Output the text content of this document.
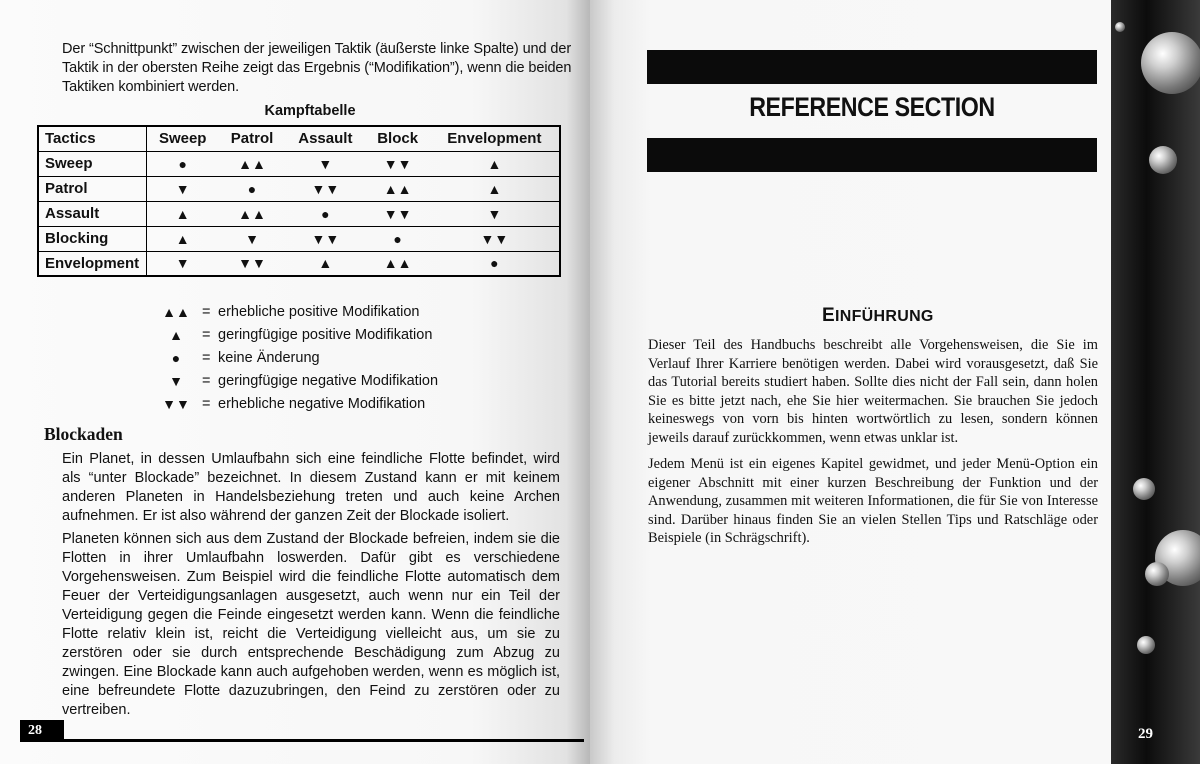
Der “Schnittpunkt” zwischen der jeweiligen Taktik (äußerste linke Spalte) und der Taktik in der obersten Reihe zeigt das Ergebnis (“Modifikation”), wenn die beiden Taktiken kombiniert werden.

Kampftabelle
Tactics	Sweep	Patrol	Assault	Block	Envelopment
Sweep	●	▲▲	▼	▼▼	▲
Patrol	▼	●	▼▼	▲▲	▲
Assault	▲	▲▲	●	▼▼	▼
Blocking	▲	▼	▼▼	●	▼▼
Envelopment	▼	▼▼	▲	▲▲	●
▲▲ = erhebliche positive Modifikation
▲	= geringfügige positive Modifikation
●	= keine Änderung
▼	= geringfügige negative Modifikation
▼▼ = erhebliche negative Modifikation
Blockaden

Ein Planet, in dessen Umlaufbahn sich eine feindliche Flotte befindet, wird als “unter Blockade” bezeichnet. In diesem Zustand kann er mit keinem anderen Planeten in Handelsbeziehung treten und auch keine Archen aufnehmen. Er ist also während der ganzen Zeit der Blockade isoliert.

Planeten können sich aus dem Zustand der Blockade befreien, indem sie die Flotten in ihrer Umlaufbahn loswerden. Dafür gibt es verschiedene Vorgehensweisen. Zum Beispiel wird die feindliche Flotte automatisch dem Feuer der Verteidigungsanlagen ausgesetzt, auch wenn nur ein Teil der Verteidigung gegen die Feinde eingesetzt werden kann. Wenn die feindliche Flotte relativ klein ist, reicht die Verteidigung vielleicht aus, um sie zu zerstören oder sie durch entsprechende Beschädigung zum Abzug zu zwingen. Eine Blockade kann auch aufgehoben werden, wenn es möglich ist, eine befreundete Flotte dazuzubringen, den Feind zu zerstören oder zu vertreiben.

28
REFERENCE SECTION
EINFÜHRUNG

Dieser Teil des Handbuchs beschreibt alle Vorgehensweisen, die Sie im Verlauf Ihrer Karriere benötigen werden. Dabei wird vorausgesetzt, daß Sie das Tutorial bereits studiert haben. Sollte dies nicht der Fall sein, dann holen Sie es bitte jetzt nach, ehe Sie hier weitermachen. Sie brauchen Sie jedoch keineswegs von vorn bis hinten wortwörtlich zu lesen, sondern können jeweils darauf zurückkommen, wenn etwas unklar ist.

Jedem Menü ist ein eigenes Kapitel gewidmet, und jeder Menü-Option ein eigener Abschnitt mit einer kurzen Beschreibung der Funktion und der Anwendung, zusammen mit weiteren Informationen, die für Sie von Interesse sind. Darüber hinaus finden Sie an vielen Stellen Tips und Ratschläge oder Beispiele (in Schrägschrift).

29
